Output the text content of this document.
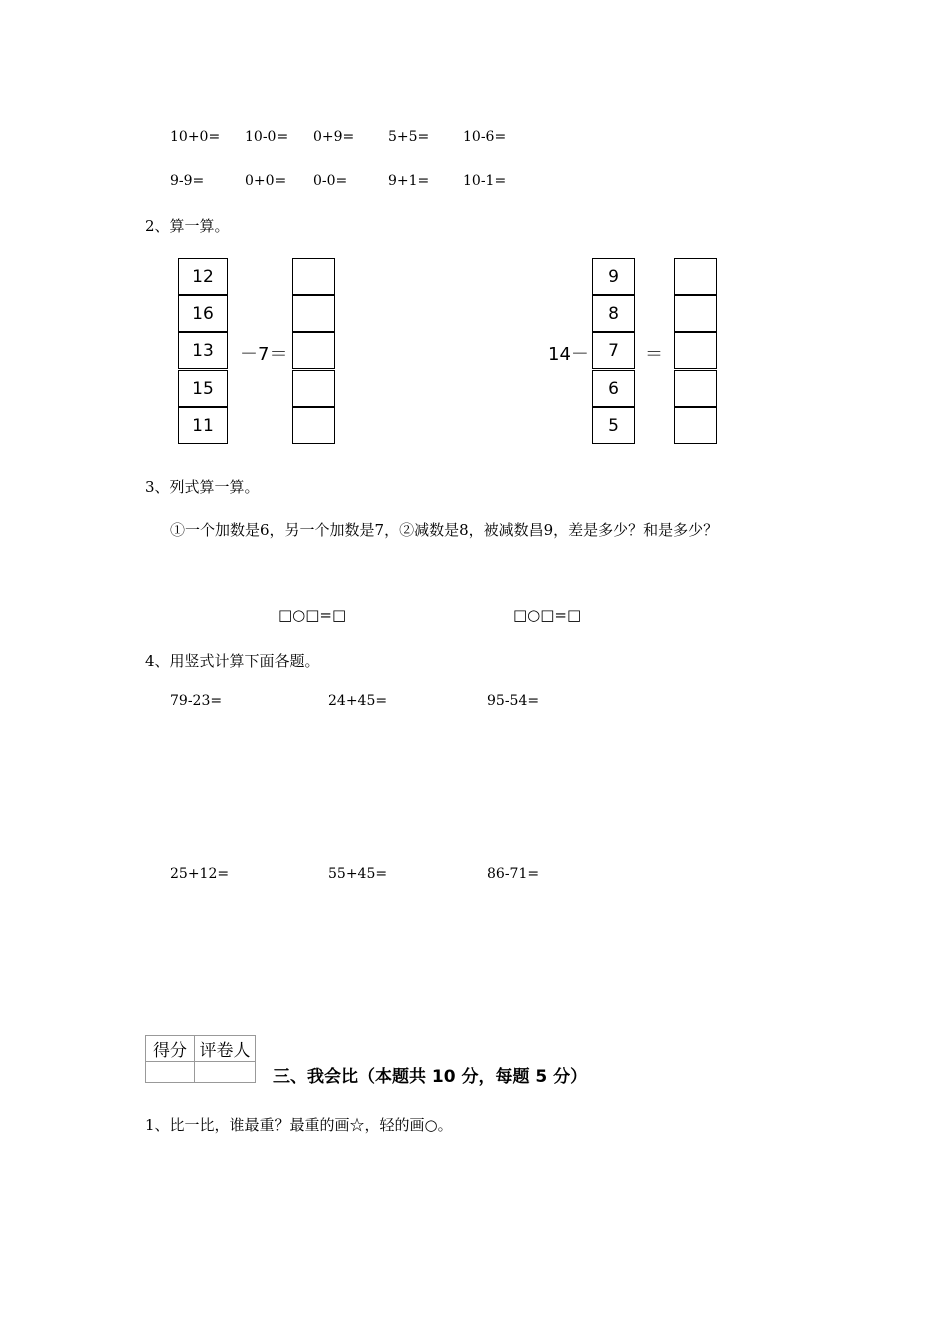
10+0= 10-0= 0+9= 5+5= 10-6=
9-9=	0+0= 0-0=	9+1= 10-1=
2、算一算。
12
16
13
15
11
－7＝	14－
9
8
7
6
5
＝
3、列式算一算。
①一个加数是6，另一个加数是7，②减数是8，被减数昌9，差是多少？和是多少？
□○□=□	□○□=□
4、用竖式计算下面各题。
79-23=	24+45=	95-54=
25+12=	55+45=	86-71=
得分	评卷人

三、我会比（本题共 10 分，每题 5 分）
1、比一比，谁最重？最重的画☆，轻的画○。
